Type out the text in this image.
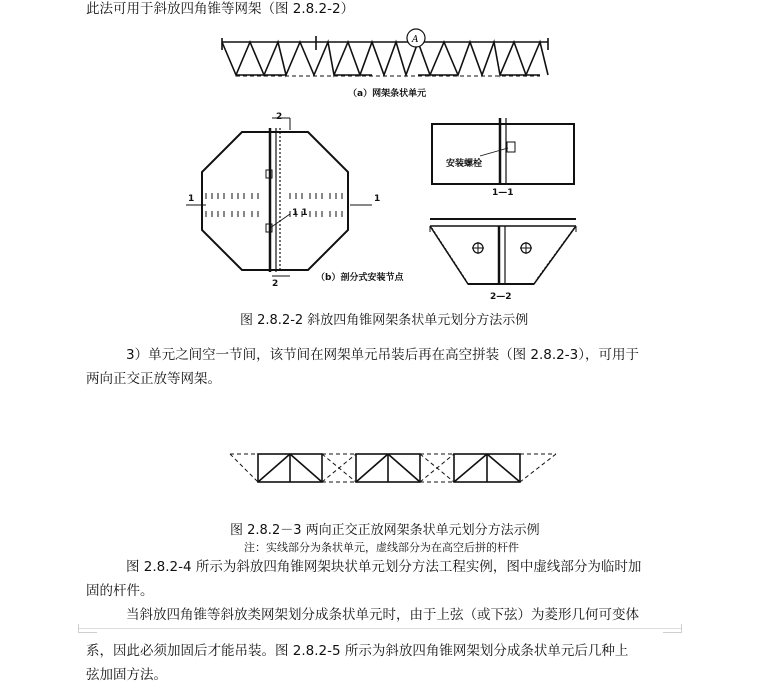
此法可用于斜放四角锥等网架（图 2.8.2-2）
A
（a）网架条状单元
2
2
1	1
1 1
安装螺栓
1—1
2—2
（b）剖分式安装节点
图 2.8.2-2 斜放四角锥网架条状单元划分方法示例
3）单元之间空一节间，该节间在网架单元吊装后再在高空拼装（图 2.8.2-3），可用于
两向正交正放等网架。
图 2.8.2－3 两向正交正放网架条状单元划分方法示例
注：实线部分为条状单元，虚线部分为在高空后拼的杆件
图 2.8.2-4 所示为斜放四角锥网架块状单元划分方法工程实例，图中虚线部分为临时加
固的杆件。
当斜放四角锥等斜放类网架划分成条状单元时，由于上弦（或下弦）为菱形几何可变体
系，因此必须加固后才能吊装。图 2.8.2-5 所示为斜放四角锥网架划分成条状单元后几种上
弦加固方法。
